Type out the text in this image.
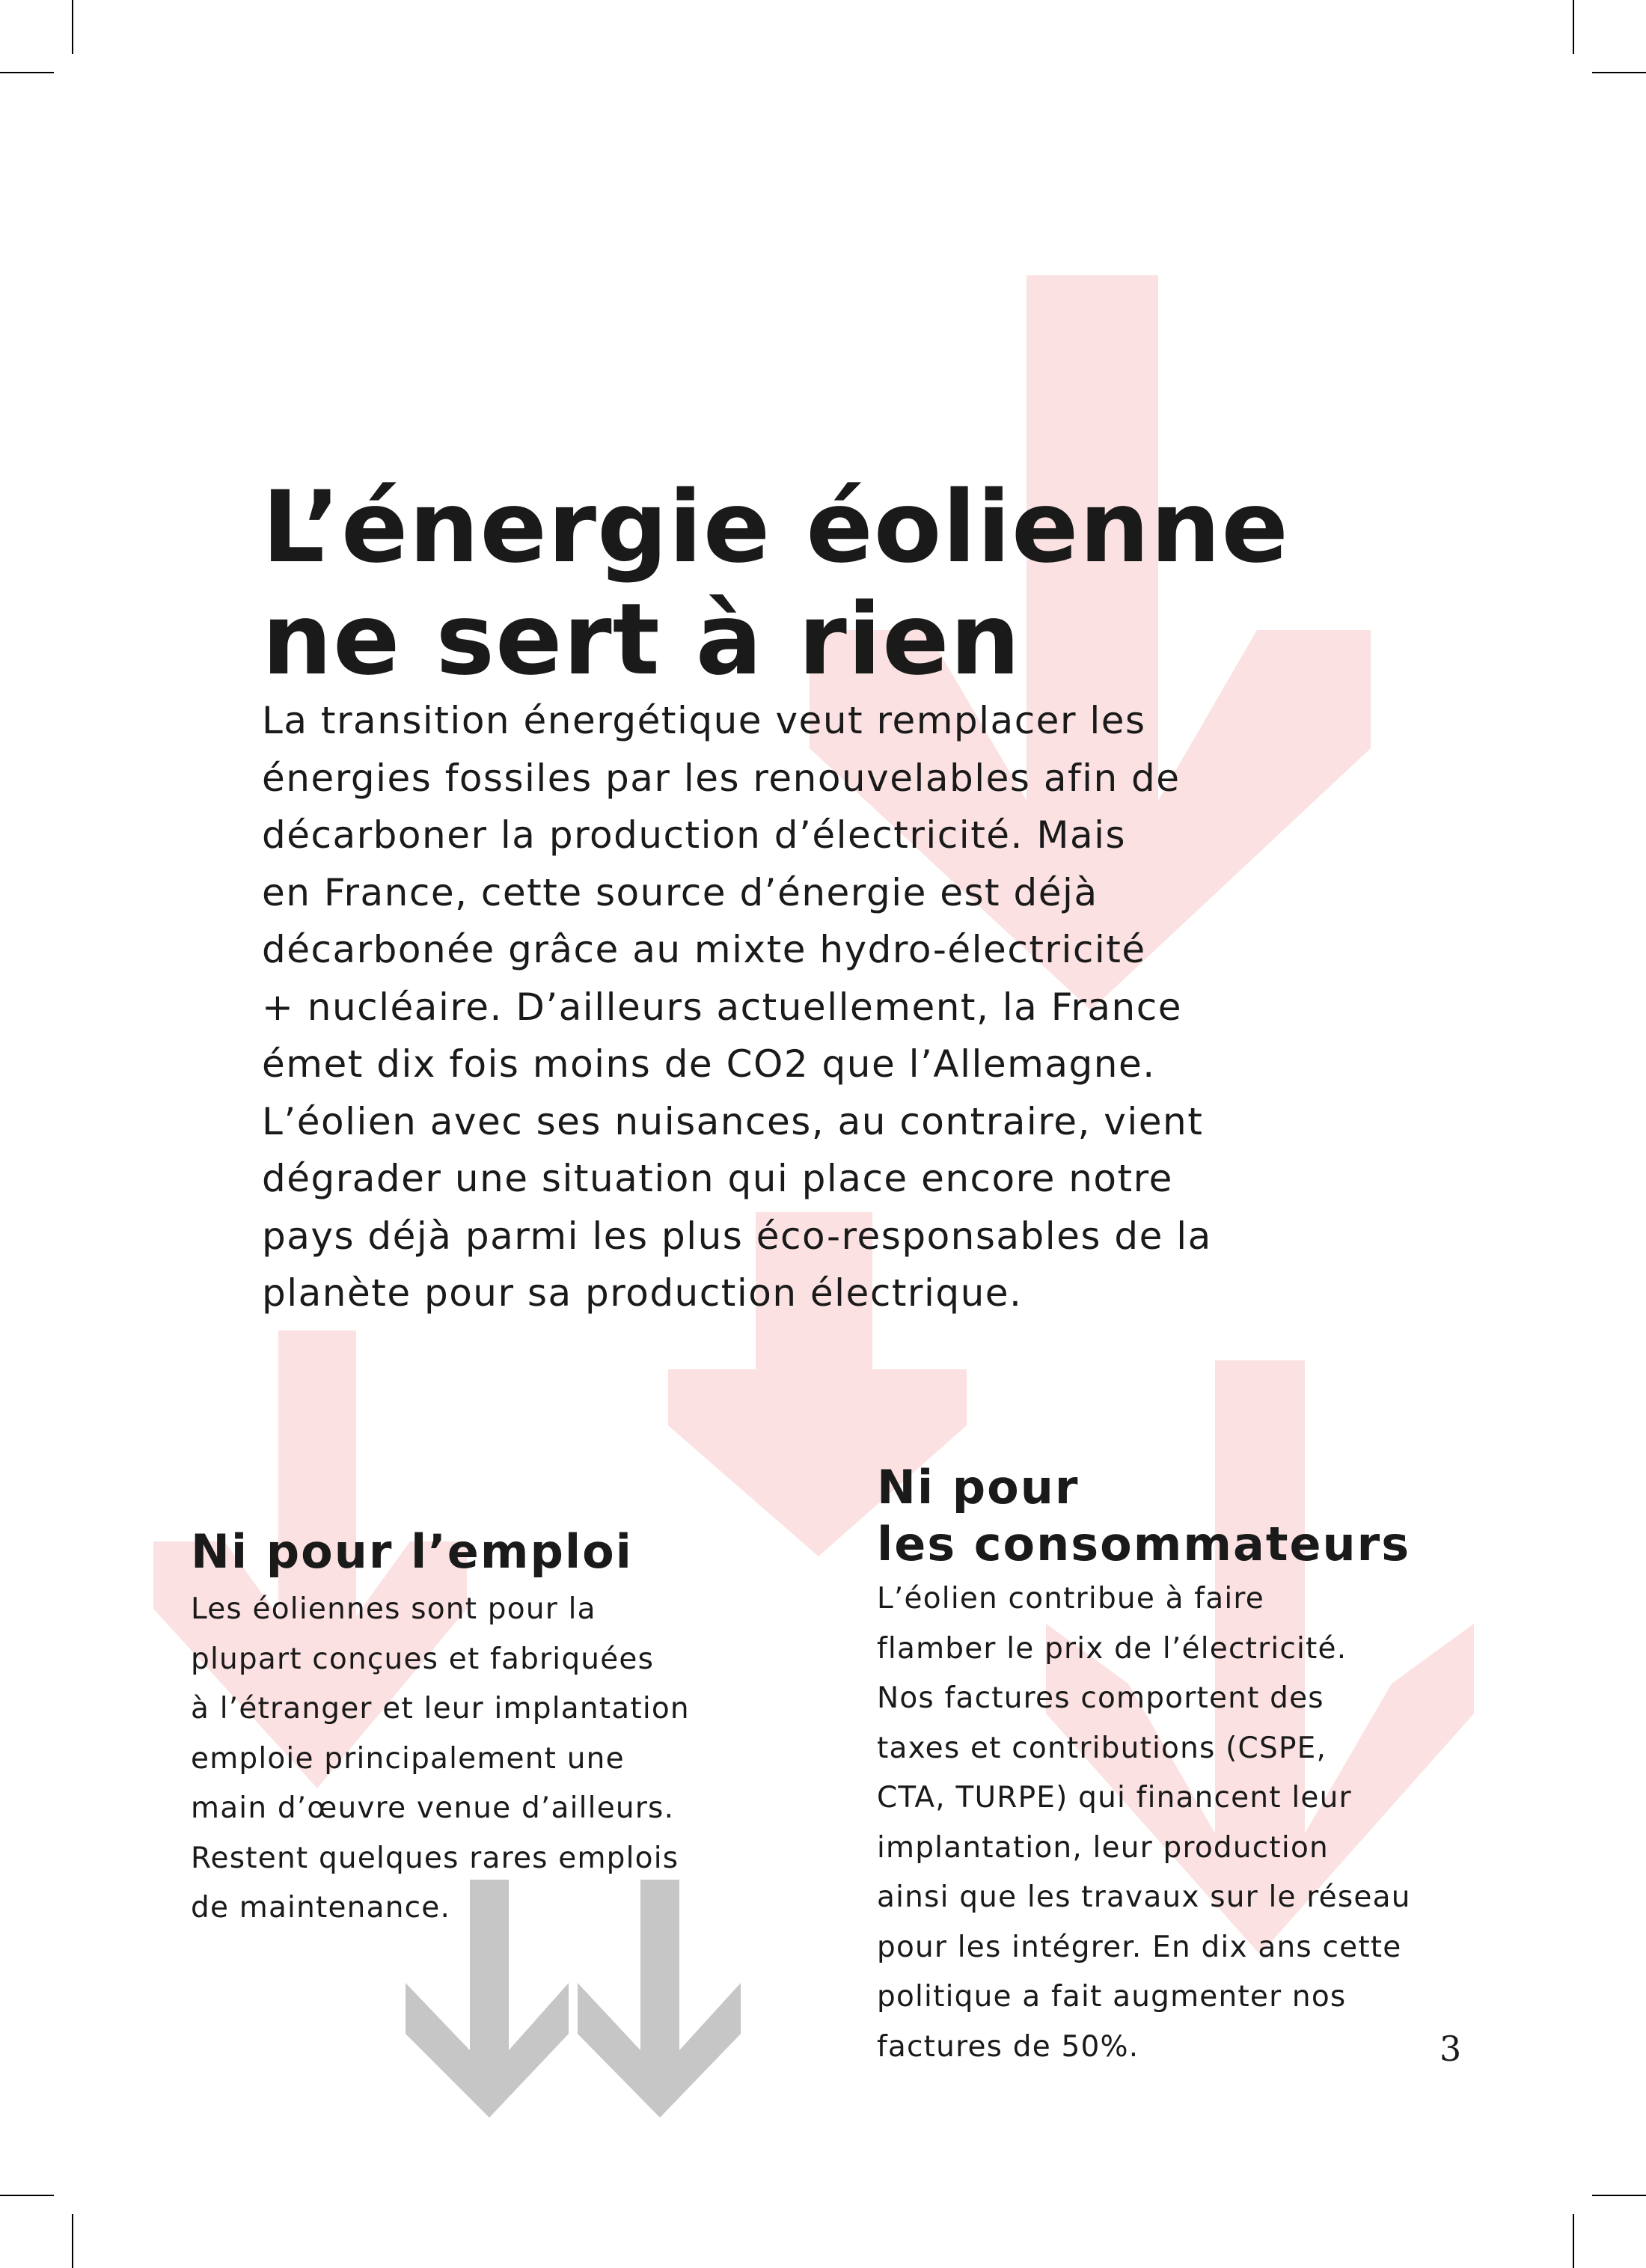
L’énergie éolienne
ne sert à rien
La transition énergétique veut remplacer les
énergies fossiles par les renouvelables afin de
décarboner la production d’électricité. Mais
en France, cette source d’énergie est déjà
décarbonée grâce au mixte hydro-électricité
+ nucléaire. D’ailleurs actuellement, la France
émet dix fois moins de CO2 que l’Allemagne.
L’éolien avec ses nuisances, au contraire, vient
dégrader une situation qui place encore notre
pays déjà parmi les plus éco-responsables de la
planète pour sa production électrique.
Ni pour l’emploi
Les éoliennes sont pour la
plupart conçues et fabriquées
à l’étranger et leur implantation
emploie principalement une
main d’œuvre venue d’ailleurs.
Restent quelques rares emplois
de maintenance.
Ni pour
les consommateurs
L’éolien contribue à faire
flamber le prix de l’électricité.
Nos factures comportent des
taxes et contributions (CSPE,
CTA, TURPE) qui financent leur
implantation, leur production
ainsi que les travaux sur le réseau
pour les intégrer. En dix ans cette
politique a fait augmenter nos
factures de 50%.	3
